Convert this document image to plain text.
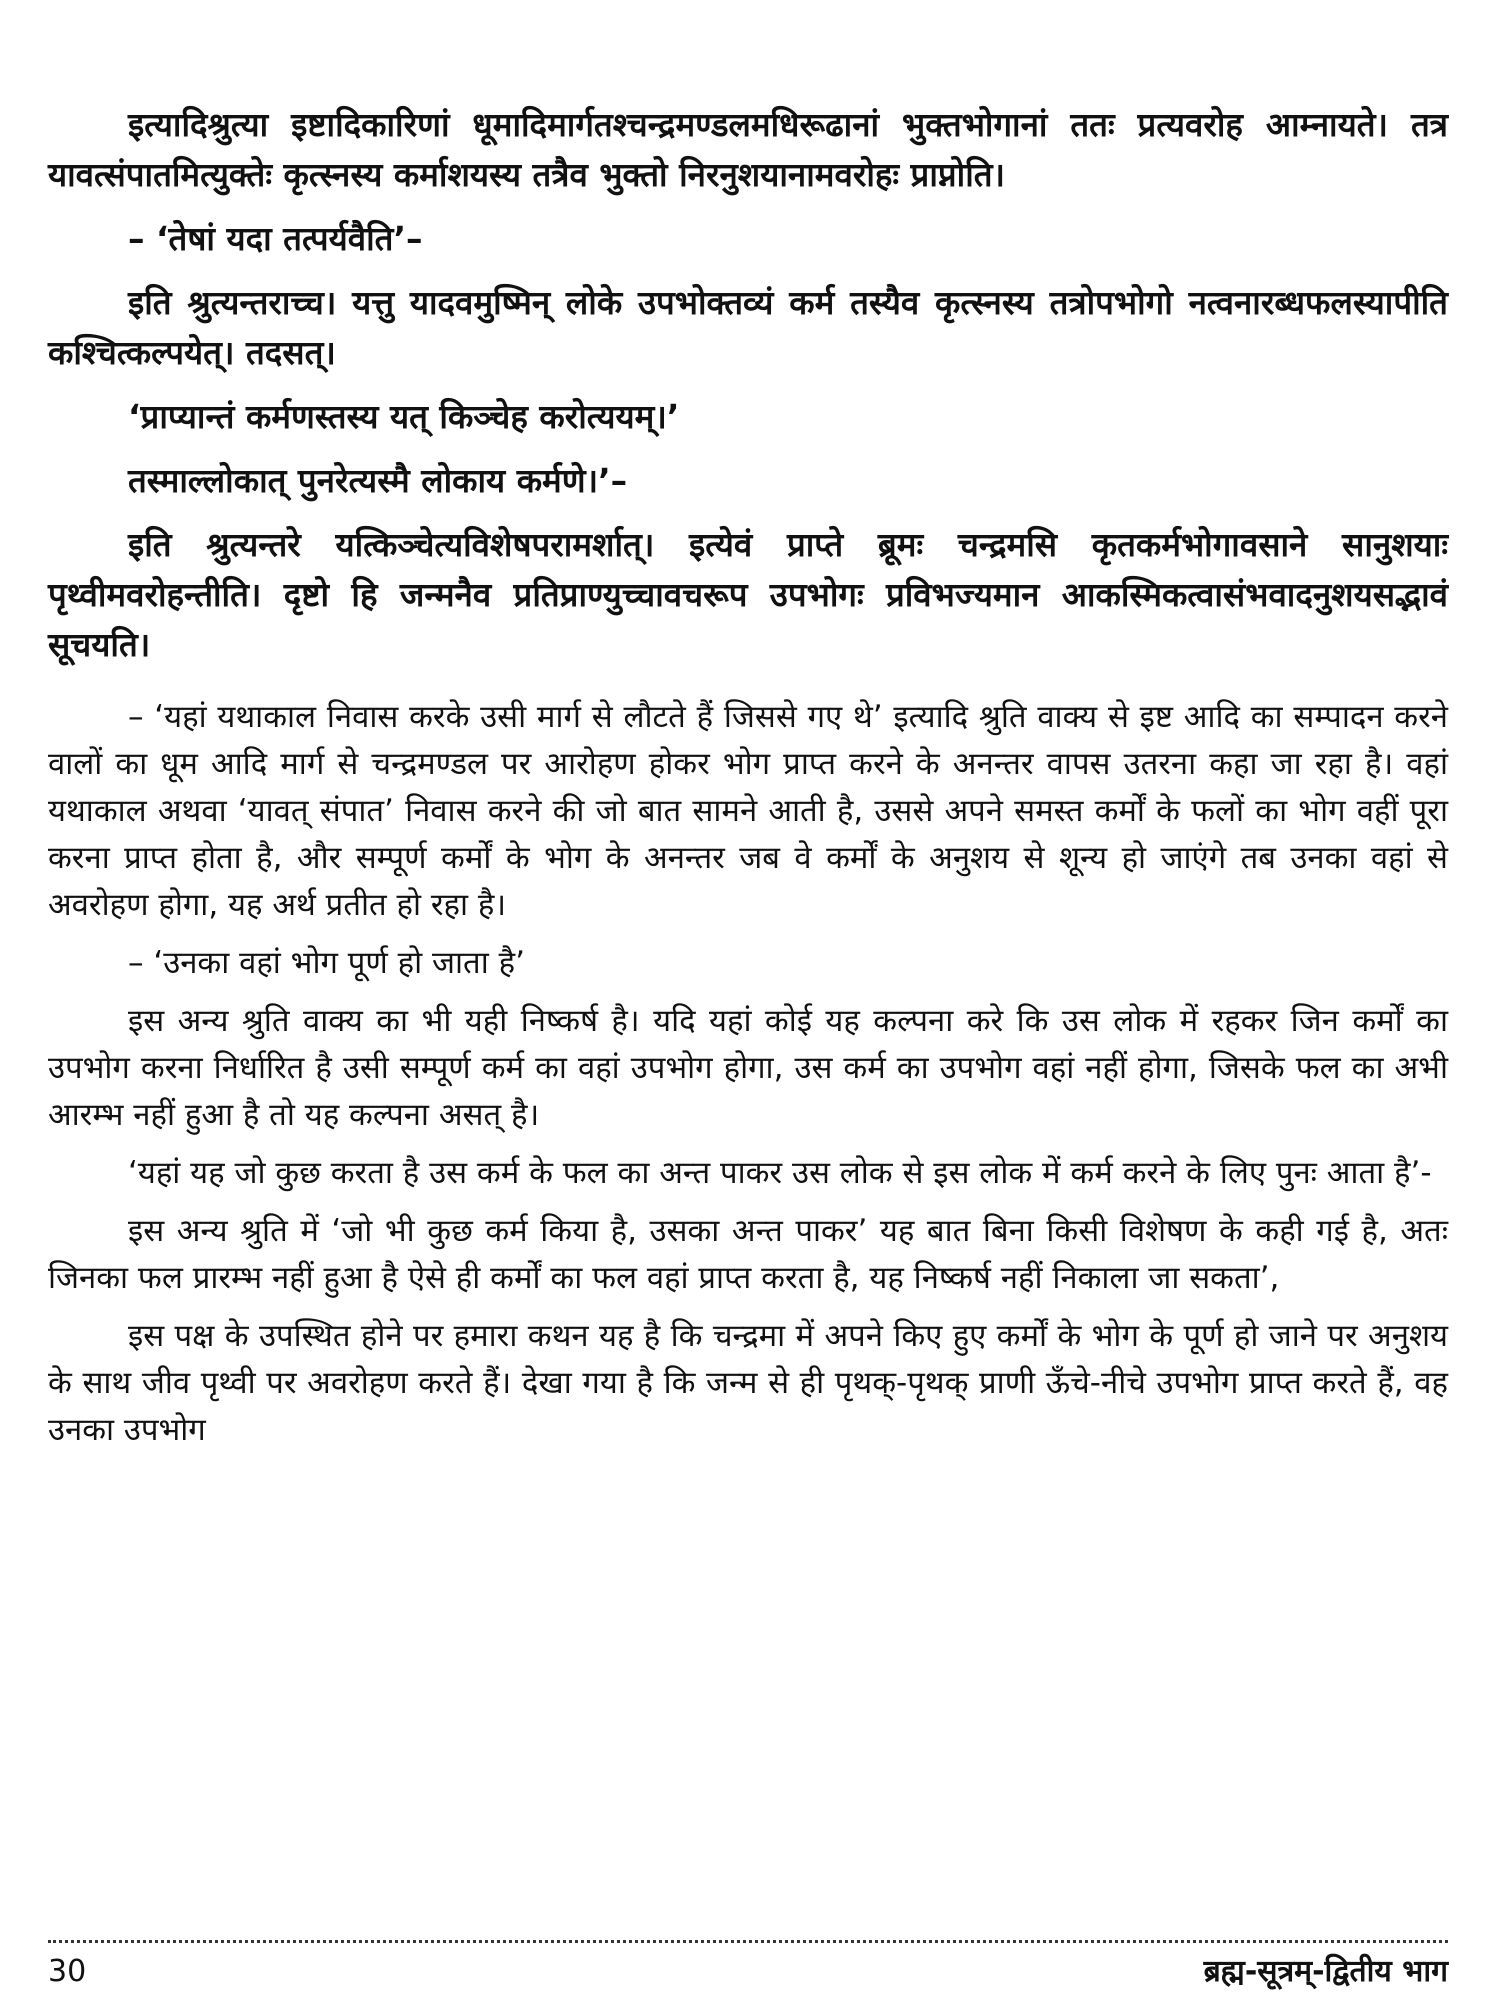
इत्यादिश्रुत्या इष्टादिकारिणां धूमादिमार्गतश्चन्द्रमण्डलमधिरूढानां भुक्तभोगानां ततः प्रत्यवरोह आम्नायते। तत्र यावत्संपातमित्युक्तेः कृत्स्नस्य कर्माशयस्य तत्रैव भुक्तो निरनुशयानामवरोहः प्राप्नोति।

– ‘तेषां यदा तत्पर्यवैति’–

इति श्रुत्यन्तराच्च। यत्तु यादवमुष्मिन् लोके उपभोक्तव्यं कर्म तस्यैव कृत्स्नस्य तत्रोपभोगो नत्वनारब्धफलस्यापीति कश्चित्कल्पयेत्। तदसत्।

‘प्राप्यान्तं कर्मणस्तस्य यत् किञ्चेह करोत्ययम्।’

तस्माल्लोकात् पुनरेत्यस्मै लोकाय कर्मणे।’–

इति श्रुत्यन्तरे यत्किञ्चेत्यविशेषपरामर्शात्। इत्येवं प्राप्ते ब्रूमः चन्द्रमसि कृतकर्मभोगावसाने सानुशयाः पृथ्वीमवरोहन्तीति। दृष्टो हि जन्मनैव प्रतिप्राण्युच्चावचरूप उपभोगः प्रविभज्यमान आकस्मिकत्वासंभवादनुशयसद्भावं सूचयति।

– ‘यहां यथाकाल निवास करके उसी मार्ग से लौटते हैं जिससे गए थे’ इत्यादि श्रुति वाक्य से इष्ट आदि का सम्पादन करने वालों का धूम आदि मार्ग से चन्द्रमण्डल पर आरोहण होकर भोग प्राप्त करने के अनन्तर वापस उतरना कहा जा रहा है। वहां यथाकाल अथवा ‘यावत् संपात’ निवास करने की जो बात सामने आती है, उससे अपने समस्त कर्मों के फलों का भोग वहीं पूरा करना प्राप्त होता है, और सम्पूर्ण कर्मों के भोग के अनन्तर जब वे कर्मों के अनुशय से शून्य हो जाएंगे तब उनका वहां से अवरोहण होगा, यह अर्थ प्रतीत हो रहा है।

– ‘उनका वहां भोग पूर्ण हो जाता है’

इस अन्य श्रुति वाक्य का भी यही निष्कर्ष है। यदि यहां कोई यह कल्पना करे कि उस लोक में रहकर जिन कर्मों का उपभोग करना निर्धारित है उसी सम्पूर्ण कर्म का वहां उपभोग होगा, उस कर्म का उपभोग वहां नहीं होगा, जिसके फल का अभी आरम्भ नहीं हुआ है तो यह कल्पना असत् है।

‘यहां यह जो कुछ करता है उस कर्म के फल का अन्त पाकर उस लोक से इस लोक में कर्म करने के लिए पुनः आता है’-

इस अन्य श्रुति में ‘जो भी कुछ कर्म किया है, उसका अन्त पाकर’ यह बात बिना किसी विशेषण के कही गई है, अतः जिनका फल प्रारम्भ नहीं हुआ है ऐसे ही कर्मों का फल वहां प्राप्त करता है, यह निष्कर्ष नहीं निकाला जा सकता’,

इस पक्ष के उपस्थित होने पर हमारा कथन यह है कि चन्द्रमा में अपने किए हुए कर्मों के भोग के पूर्ण हो जाने पर अनुशय के साथ जीव पृथ्वी पर अवरोहण करते हैं। देखा गया है कि जन्म से ही पृथक्-पृथक् प्राणी ऊँचे-नीचे उपभोग प्राप्त करते हैं, वह उनका उपभोग

30	ब्रह्म-सूत्रम्-द्वितीय भाग
